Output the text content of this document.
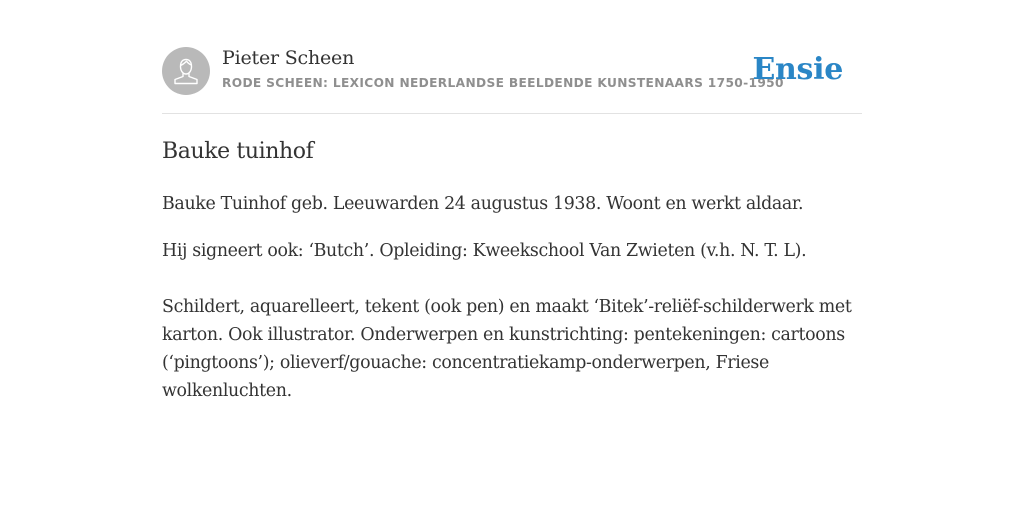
Pieter Scheen
RODE SCHEEN: LEXICON NEDERLANDSE BEELDENDE KUNSTENAARS 1750-1950
Ensie
Bauke tuinhof

Bauke Tuinhof geb. Leeuwarden 24 augustus 1938. Woont en werkt aldaar.

Hij signeert ook: ‘Butch’. Opleiding: Kweekschool Van Zwieten (v.h. N. T. L).

Schildert, aquarelleert, tekent (ook pen) en maakt ‘Bitek’-reliëf-schilderwerk met karton. Ook illustrator. Onderwerpen en kunstrichting: pentekeningen: cartoons (‘pingtoons’); olieverf/gouache: concentratiekamp-onderwerpen, Friese wolkenluchten.
